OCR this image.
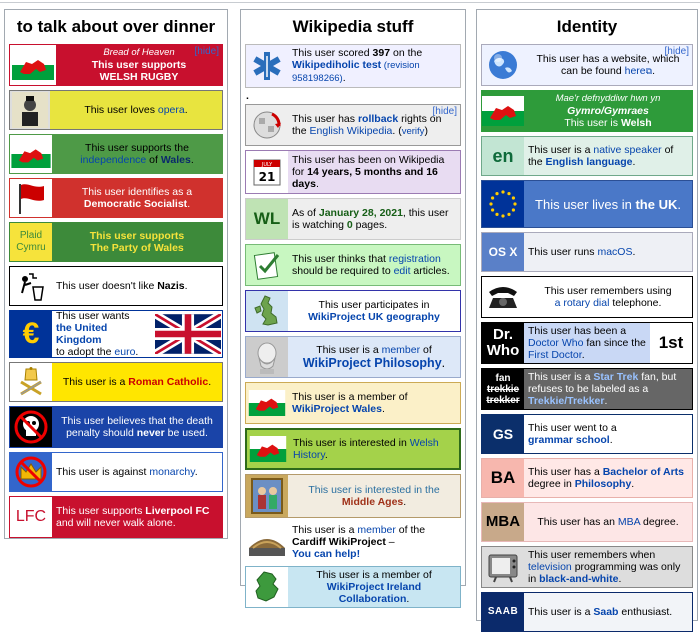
to talk about over dinner
Bread of Heaven
This user supports
WELSH RUGBY
[hide]
This user loves opera.
This user supports the independence of Wales.
This user identifies as a
Democratic Socialist.
Plaid
Cymru
This user supports
The Party of Wales
This user doesn't like Nazis.
€
This user wants
the United Kingdom
to adopt the euro.
This user is a Roman Catholic.
This user believes that the death penalty should never be used.
This user is against monarchy.
LFC This user supports Liverpool FC and will never walk alone.
Wikipedia stuff
This user scored 397 on the Wikipediholic test (revision 958198266).
.
This user has rollback rights on the English Wikipedia. (verify)
[hide]
JULY
21
This user has been on Wikipedia for 14 years, 5 months and 16 days.
WL	As of January 28, 2021, this user is watching 0 pages.
This user thinks that registration should be required to edit articles.
This user participates in
WikiProject UK geography
This user is a member of
WikiProject Philosophy.
This user is a member of
WikiProject Wales.
This user is interested in Welsh History.
This user is interested in the
Middle Ages.
This user is a member of the
Cardiff WikiProject –
You can help!
This user is a member of WikiProject Ireland Collaboration.
Identity
This user has a website, which can be found here⧉.
[hide]
Mae'r defnyddiwr hwn yn
Gymro/Gymraes
This user is Welsh
en	This user is a native speaker of the English language.
This user lives in the UK.
OS X	This user runs macOS.
This user remembers using
a rotary dial telephone.
Dr.
Who
This user has been a Doctor Who fan since the First Doctor.
1st
fan
trekkie
trekker
This user is a Star Trek fan, but refuses to be labeled as a Trekkie/Trekker.
GS	This user went to a
grammar school.
BA	This user has a Bachelor of Arts degree in Philosophy.
MBA	This user has an MBA degree.
This user remembers when television programming was only in black-and-white.
SAAB This user is a Saab enthusiast.
